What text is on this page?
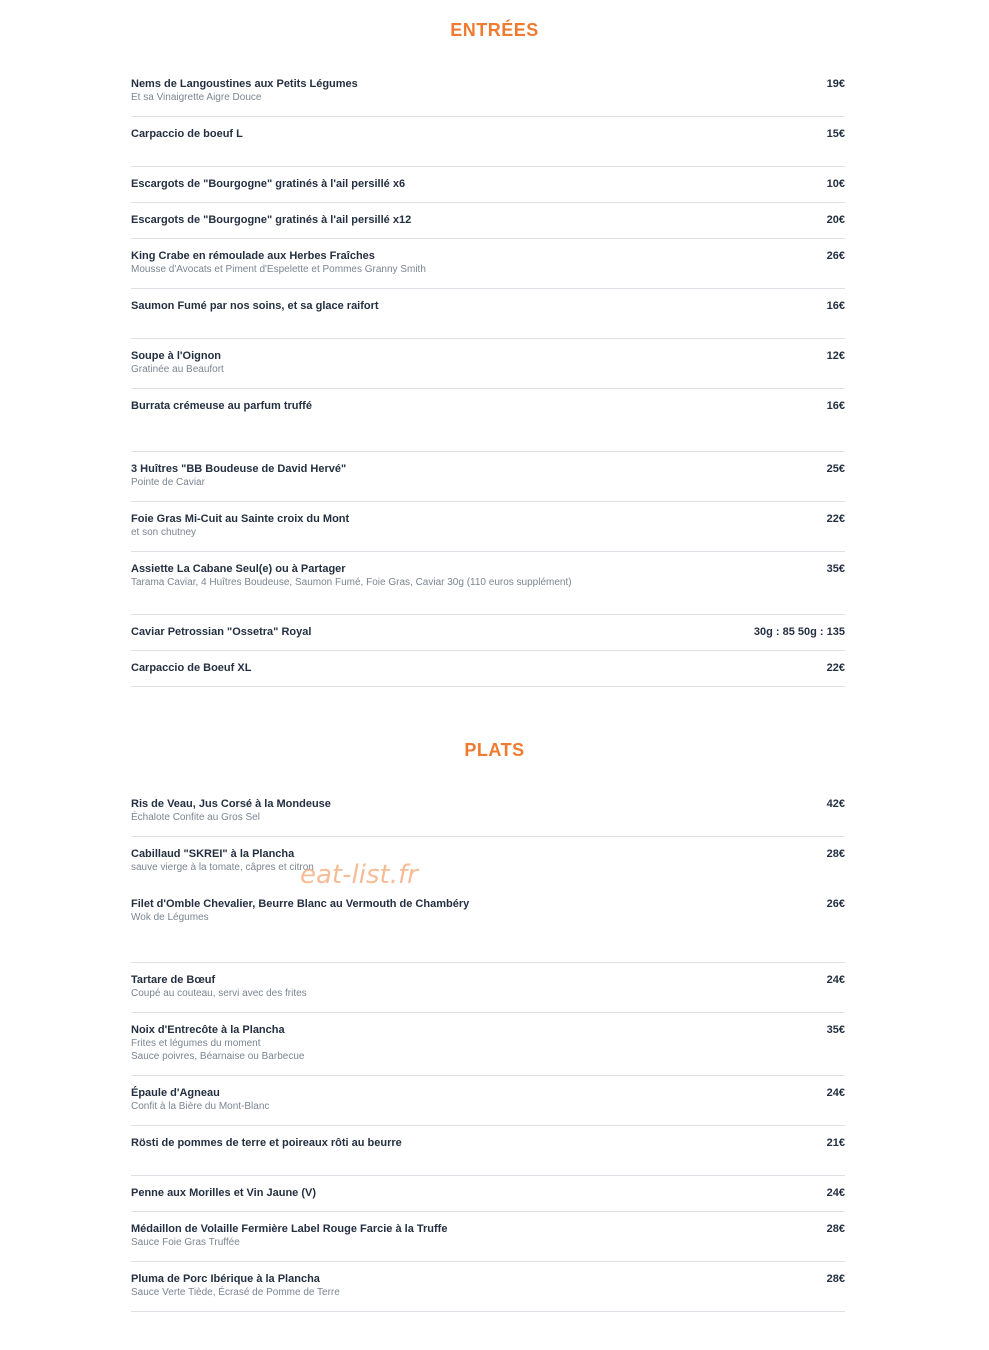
ENTRÉES
Nems de Langoustines aux Petits Légumes	19€
Et sa Vinaigrette Aigre Douce
Carpaccio de boeuf L	15€
Escargots de "Bourgogne" gratinés à l'ail persillé x6	10€
Escargots de "Bourgogne" gratinés à l'ail persillé x12	20€
King Crabe en rémoulade aux Herbes Fraîches	26€
Mousse d'Avocats et Piment d'Espelette et Pommes Granny Smith
Saumon Fumé par nos soins, et sa glace raifort	16€
Soupe à l'Oignon	12€
Gratinée au Beaufort
Burrata crémeuse au parfum truffé	16€
3 Huîtres "BB Boudeuse de David Hervé"	25€
Pointe de Caviar
Foie Gras Mi-Cuit au Sainte croix du Mont	22€
et son chutney
Assiette La Cabane Seul(e) ou à Partager	35€
Tarama Caviar, 4 Huîtres Boudeuse, Saumon Fumé, Foie Gras, Caviar 30g (110 euros supplément)
Caviar Petrossian "Ossetra" Royal	30g : 85 50g : 135
Carpaccio de Boeuf XL	22€
PLATS
Ris de Veau, Jus Corsé à la Mondeuse	42€
Échalote Confite au Gros Sel
Cabillaud "SKREI" à la Plancha	28€
sauve vierge à la tomate, câpres et citron
Filet d'Omble Chevalier, Beurre Blanc au Vermouth de Chambéry	26€
Wok de Légumes
Tartare de Bœuf	24€
Coupé au couteau, servi avec des frites
Noix d'Entrecôte à la Plancha	35€
Frites et légumes du moment
Sauce poivres, Béarnaise ou Barbecue
Épaule d'Agneau	24€
Confit à la Bière du Mont-Blanc
Rösti de pommes de terre et poireaux rôti au beurre	21€
Penne aux Morilles et Vin Jaune (V)	24€
Médaillon de Volaille Fermière Label Rouge Farcie à la Truffe	28€
Sauce Foie Gras Truffée
Pluma de Porc Ibérique à la Plancha	28€
Sauce Verte Tiède, Écrasé de Pomme de Terre
eat-list.fr
